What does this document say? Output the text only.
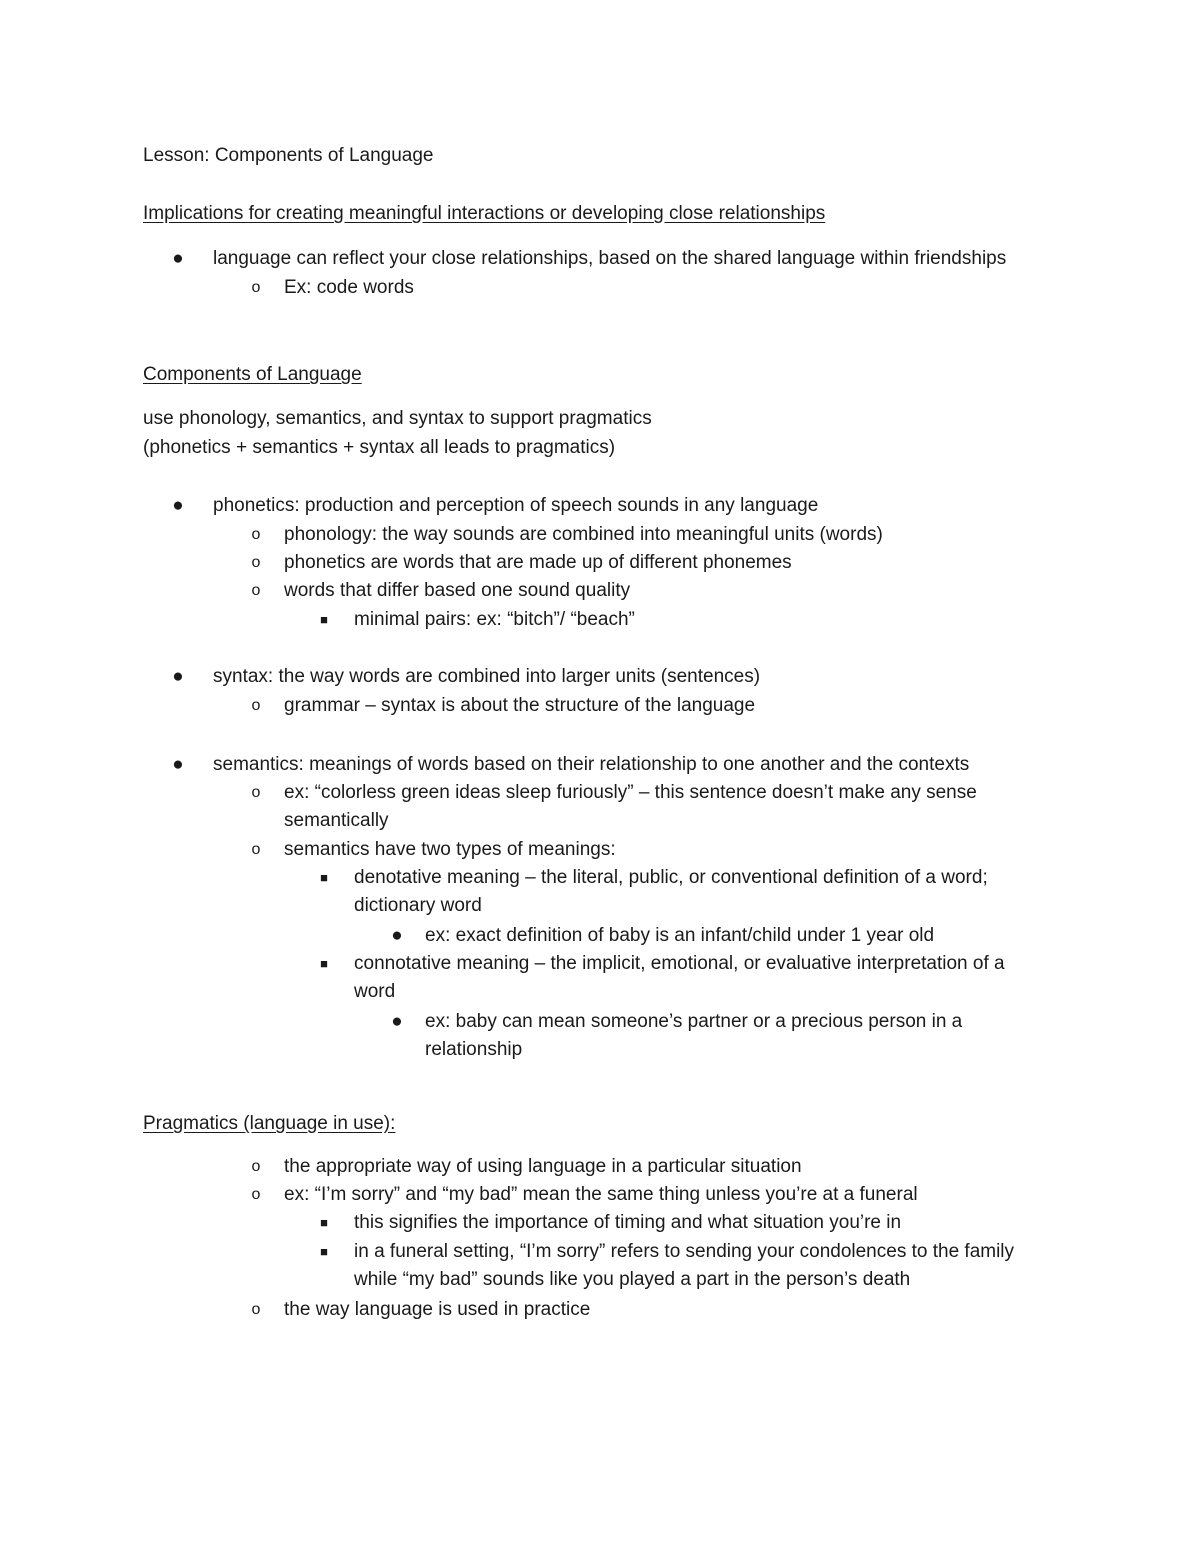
Lesson: Components of Language
Implications for creating meaningful interactions or developing close relationships
● language can reflect your close relationships, based on the shared language within friendships
o Ex: code words
Components of Language
use phonology, semantics, and syntax to support pragmatics
(phonetics + semantics + syntax all leads to pragmatics)
● phonetics: production and perception of speech sounds in any language
o phonology: the way sounds are combined into meaningful units (words)
o phonetics are words that are made up of different phonemes
o words that differ based one sound quality
■ minimal pairs: ex: “bitch”/ “beach”
● syntax: the way words are combined into larger units (sentences)
o grammar – syntax is about the structure of the language
● semantics: meanings of words based on their relationship to one another and the contexts
o ex: “colorless green ideas sleep furiously” – this sentence doesn’t make any sense
semantically
o semantics have two types of meanings:
■ denotative meaning – the literal, public, or conventional definition of a word;
dictionary word
● ex: exact definition of baby is an infant/child under 1 year old
■ connotative meaning – the implicit, emotional, or evaluative interpretation of a
word
● ex: baby can mean someone’s partner or a precious person in a
relationship
Pragmatics (language in use):
o the appropriate way of using language in a particular situation
o ex: “I’m sorry” and “my bad” mean the same thing unless you’re at a funeral
■ this signifies the importance of timing and what situation you’re in
■ in a funeral setting, “I’m sorry” refers to sending your condolences to the family
while “my bad” sounds like you played a part in the person’s death
o the way language is used in practice
